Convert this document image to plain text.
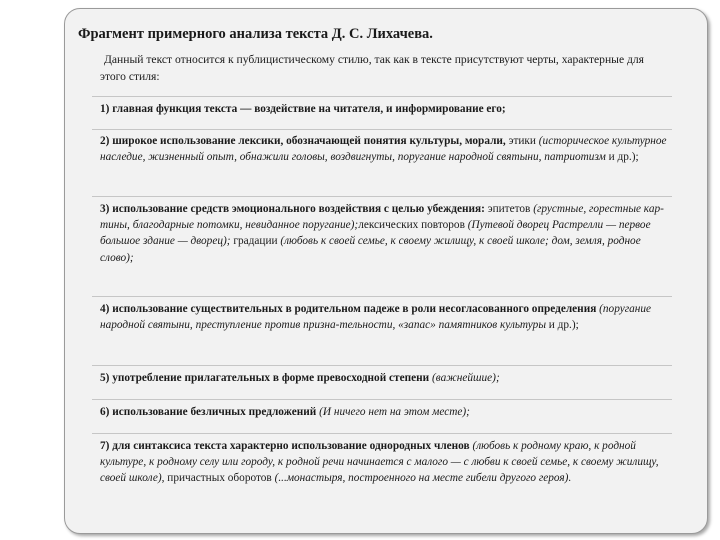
Фрагмент примерного анализа текста Д. С. Лихачева.
Данный текст относится к публицистическому стилю, так как в тексте присутствуют черты, характерные для этого стиля:
1) главная функция текста — воздействие на читателя, и информирование его;
2) широкое использование лексики, обозначающей понятия культуры, морали, этики (историческое культурное наследие, жизненный опыт, обнажили головы, воздвигнуты, поругание народной святыни, патриотизм и др.);
3) использование средств эмоционального воздействия с целью убеждения: эпитетов (грустные, горестные кар-тины, благодарные потомки, невиданное поругание);лексических повторов (Путевой дворец Растрелли — первое большое здание — дворец); градации (любовь к своей семье, к своему жилищу, к своей школе; дом, земля, родное слово);
4) использование существительных в родительном падеже в роли несогласованного определения (поругание народной святыни, преступление против призна-тельности, «запас» памятников культуры и др.);
5) употребление прилагательных в форме превосходной степени (важнейшие);
6) использование безличных предложений (И ничего нет на этом месте);
7) для синтаксиса текста характерно использование однородных членов (любовь к родному краю, к родной культуре, к родному селу или городу, к родной речи начинается с малого — с любви к своей семье, к своему жилищу, своей школе), причастных оборотов (...монастыря, построенного на месте гибели другого героя).
